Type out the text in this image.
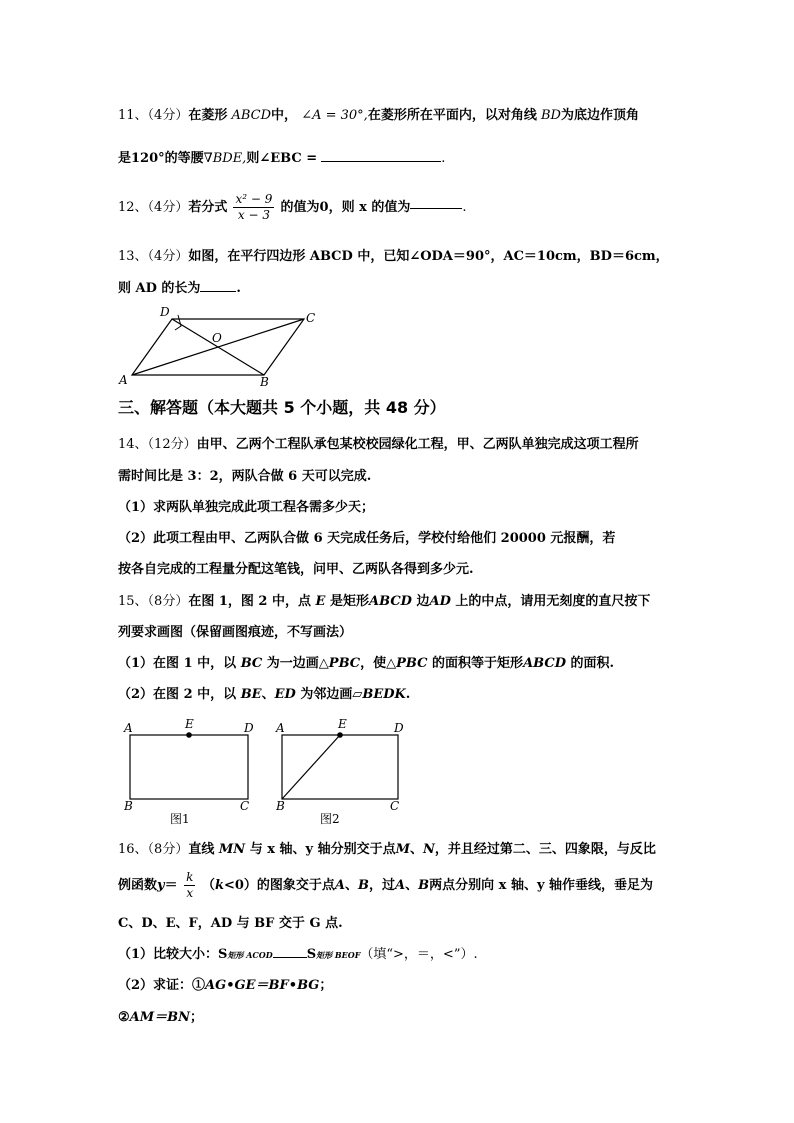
11、（4分）在菱形 ABCD中， ∠A = 30°,在菱形所在平面内，以对角线 BD为底边作顶角
是120°的等腰∇BDE,则∠EBC =	.
12、（4分）若分式 $\frac{\text{x² − 9}}{x - 3}$ 的值为0，则 x 的值为	.
13、（4分）如图，在平行四边形 ABCD 中，已知∠ODA＝90°，AC＝10cm，BD＝6cm，
则 AD 的长为	.
D	C
O
A	B
三、解答题（本大题共 5 个小题，共 48 分）
14、（12分）由甲、乙两个工程队承包某校校园绿化工程，甲、乙两队单独完成这项工程所
需时间比是 3：2，两队合做 6 天可以完成.
（1）求两队单独完成此项工程各需多少天；
（2）此项工程由甲、乙两队合做 6 天完成任务后，学校付给他们 20000 元报酬，若
按各自完成的工程量分配这笔钱，问甲、乙两队各得到多少元.
15、（8分）在图 1，图 2 中，点 E 是矩形ABCD 边AD 上的中点，请用无刻度的直尺按下
列要求画图（保留画图痕迹，不写画法）
（1）在图 1 中，以 BC 为一边画△PBC，使△PBC 的面积等于矩形ABCD 的面积.
（2）在图 2 中，以 BE、ED 为邻边画▱BEDK.
A	E	D
B	C
图1
A	E	D
B	C
图2
16、（8分）直线 MN 与 x 轴、y 轴分别交于点M、N，并且经过第二、三、四象限，与反比
例函数$y= \frac{k}{x} (k<0)$的图象交于点A、B，过A、B两点分别向 x 轴、y 轴作垂线，垂足为
C、D、E、F，AD 与 BF 交于 G 点.
（1）比较大小：S矩形 ACOD	S矩形 BEOF（填“>，＝，<”）.
（2）求证：①AG•GE＝BF•BG；
②AM＝BN；
